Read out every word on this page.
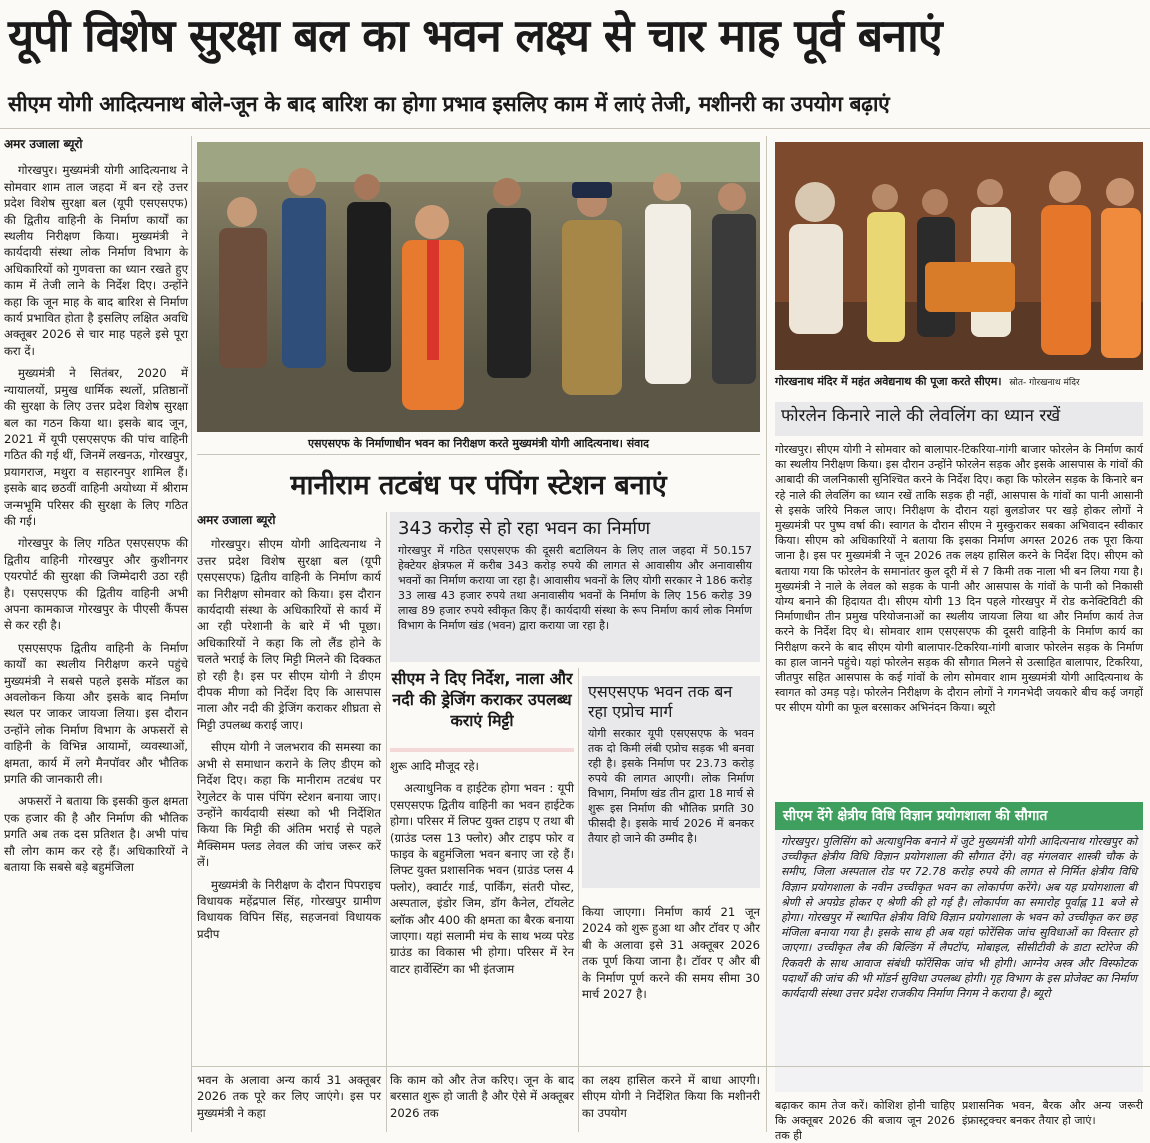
यूपी विशेष सुरक्षा बल का भवन लक्ष्य से चार माह पूर्व बनाएं
सीएम योगी आदित्यनाथ बोले-जून के बाद बारिश का होगा प्रभाव इसलिए काम में लाएं तेजी, मशीनरी का उपयोग बढ़ाएं
अमर उजाला ब्यूरो

गोरखपुर। मुख्यमंत्री योगी आदित्यनाथ ने सोमवार शाम ताल जहदा में बन रहे उत्तर प्रदेश विशेष सुरक्षा बल (यूपी एसएसएफ) की द्वितीय वाहिनी के निर्माण कार्यों का स्थलीय निरीक्षण किया। मुख्यमंत्री ने कार्यदायी संस्था लोक निर्माण विभाग के अधिकारियों को गुणवत्ता का ध्यान रखते हुए काम में तेजी लाने के निर्देश दिए। उन्होंने कहा कि जून माह के बाद बारिश से निर्माण कार्य प्रभावित होता है इसलिए लक्षित अवधि अक्तूबर 2026 से चार माह पहले इसे पूरा करा दें।

मुख्यमंत्री ने सितंबर, 2020 में न्यायालयों, प्रमुख धार्मिक स्थलों, प्रतिष्ठानों की सुरक्षा के लिए उत्तर प्रदेश विशेष सुरक्षा बल का गठन किया था। इसके बाद जून, 2021 में यूपी एसएसएफ की पांच वाहिनी गठित की गई थीं, जिनमें लखनऊ, गोरखपुर, प्रयागराज, मथुरा व सहारनपुर शामिल हैं। इसके बाद छठवीं वाहिनी अयोध्या में श्रीराम जन्मभूमि परिसर की सुरक्षा के लिए गठित की गई।

गोरखपुर के लिए गठित एसएसएफ की द्वितीय वाहिनी गोरखपुर और कुशीनगर एयरपोर्ट की सुरक्षा की जिम्मेदारी उठा रही है। एसएसएफ की द्वितीय वाहिनी अभी अपना कामकाज गोरखपुर के पीएसी कैंपस से कर रही है।

एसएसएफ द्वितीय वाहिनी के निर्माण कार्यों का स्थलीय निरीक्षण करने पहुंचे मुख्यमंत्री ने सबसे पहले इसके मॉडल का अवलोकन किया और इसके बाद निर्माण स्थल पर जाकर जायजा लिया। इस दौरान उन्होंने लोक निर्माण विभाग के अफसरों से वाहिनी के विभिन्न आयामों, व्यवस्थाओं, क्षमता, कार्य में लगे मैनपॉवर और भौतिक प्रगति की जानकारी ली।

अफसरों ने बताया कि इसकी कुल क्षमता एक हजार की है और निर्माण की भौतिक प्रगति अब तक दस प्रतिशत है। अभी पांच सौ लोग काम कर रहे हैं। अधिकारियों ने बताया कि सबसे बड़े बहुमंजिला

एसएसएफ के निर्माणाधीन भवन का निरीक्षण करते मुख्यमंत्री योगी आदित्यनाथ। संवाद
मानीराम तटबंध पर पंपिंग स्टेशन बनाएं
अमर उजाला ब्यूरो

गोरखपुर। सीएम योगी आदित्यनाथ ने उत्तर प्रदेश विशेष सुरक्षा बल (यूपी एसएसएफ) द्वितीय वाहिनी के निर्माण कार्य का निरीक्षण सोमवार को किया। इस दौरान कार्यदायी संस्था के अधिकारियों से कार्य में आ रही परेशानी के बारे में भी पूछा। अधिकारियों ने कहा कि लो लैंड होने के चलते भराई के लिए मिट्टी मिलने की दिक्कत हो रही है। इस पर सीएम योगी ने डीएम दीपक मीणा को निर्देश दिए कि आसपास नाला और नदी की ड्रेजिंग कराकर शीघ्रता से मिट्टी उपलब्ध कराई जाए।

सीएम योगी ने जलभराव की समस्या का अभी से समाधान कराने के लिए डीएम को निर्देश दिए। कहा कि मानीराम तटबंध पर रेगुलेटर के पास पंपिंग स्टेशन बनाया जाए। उन्होंने कार्यदायी संस्था को भी निर्देशित किया कि मिट्टी की अंतिम भराई से पहले मैक्सिमम फ्लड लेवल की जांच जरूर करें लें।

मुख्यमंत्री के निरीक्षण के दौरान पिपराइच विधायक महेंद्रपाल सिंह, गोरखपुर ग्रामीण विधायक विपिन सिंह, सहजनवां विधायक प्रदीप

343 करोड़ से हो रहा भवन का निर्माण
गोरखपुर में गठित एसएसएफ की दूसरी बटालियन के लिए ताल जहदा में 50.157 हेक्टेयर क्षेत्रफल में करीब 343 करोड़ रुपये की लागत से आवासीय और अनावासीय भवनों का निर्माण कराया जा रहा है। आवासीय भवनों के लिए योगी सरकार ने 186 करोड़ 33 लाख 43 हजार रुपये तथा अनावासीय भवनों के निर्माण के लिए 156 करोड़ 39 लाख 89 हजार रुपये स्वीकृत किए हैं। कार्यदायी संस्था के रूप निर्माण कार्य लोक निर्माण विभाग के निर्माण खंड (भवन) द्वारा कराया जा रहा है।
सीएम ने दिए निर्देश, नाला और नदी की ड्रेजिंग कराकर उपलब्ध कराएं मिट्टी

शुरू आदि मौजूद रहे।

अत्याधुनिक व हाईटेक होगा भवन : यूपी एसएसएफ द्वितीय वाहिनी का भवन हाईटेक होगा। परिसर में लिफ्ट युक्त टाइप ए तथा बी (ग्राउंड प्लस 13 फ्लोर) और टाइप फोर व फाइव के बहुमंजिला भवन बनाए जा रहे हैं। लिफ्ट युक्त प्रशासनिक भवन (ग्राउंड प्लस 4 फ्लोर), क्वार्टर गार्ड, पार्किंग, संतरी पोस्ट, अस्पताल, इंडोर जिम, डॉग कैनेल, टॉयलेट ब्लॉक और 400 की क्षमता का बैरक बनाया जाएगा। यहां सलामी मंच के साथ भव्य परेड ग्राउंड का विकास भी होगा। परिसर में रेन वाटर हार्वेस्टिंग का भी इंतजाम

एसएसएफ भवन तक बन रहा एप्रोच मार्ग
योगी सरकार यूपी एसएसएफ के भवन तक दो किमी लंबी एप्रोच सड़क भी बनवा रही है। इसके निर्माण पर 23.73 करोड़ रुपये की लागत आएगी। लोक निर्माण विभाग, निर्माण खंड तीन द्वारा 18 मार्च से शुरू इस निर्माण की भौतिक प्रगति 30 फीसदी है। इसके मार्च 2026 में बनकर तैयार हो जाने की उम्मीद है।
किया जाएगा। निर्माण कार्य 21 जून 2024 को शुरू हुआ था और टॉवर ए और बी के अलावा इसे 31 अक्तूबर 2026 तक पूर्ण किया जाना है। टॉवर ए और बी के निर्माण पूर्ण करने की समय सीमा 30 मार्च 2027 है।
गोरखनाथ मंदिर में महंत अवेद्यनाथ की पूजा करते सीएम। स्रोत- गोरखनाथ मंदिर
फोरलेन किनारे नाले की लेवलिंग का ध्यान रखें
गोरखपुर। सीएम योगी ने सोमवार को बालापार-टिकरिया-गांगी बाजार फोरलेन के निर्माण कार्य का स्थलीय निरीक्षण किया। इस दौरान उन्होंने फोरलेन सड़क और इसके आसपास के गांवों की आबादी की जलनिकासी सुनिश्चित करने के निर्देश दिए। कहा कि फोरलेन सड़क के किनारे बन रहे नाले की लेवलिंग का ध्यान रखें ताकि सड़क ही नहीं, आसपास के गांवों का पानी आसानी से इसके जरिये निकल जाए। निरीक्षण के दौरान यहां बुलडोजर पर खड़े होकर लोगों ने मुख्यमंत्री पर पुष्प वर्षा की। स्वागत के दौरान सीएम ने मुस्कुराकर सबका अभिवादन स्वीकार किया। सीएम को अधिकारियों ने बताया कि इसका निर्माण अगस्त 2026 तक पूरा किया जाना है। इस पर मुख्यमंत्री ने जून 2026 तक लक्ष्य हासिल करने के निर्देश दिए। सीएम को बताया गया कि फोरलेन के समानांतर कुल दूरी में से 7 किमी तक नाला भी बन लिया गया है। मुख्यमंत्री ने नाले के लेवल को सड़क के पानी और आसपास के गांवों के पानी को निकासी योग्य बनाने की हिदायत दी। सीएम योगी 13 दिन पहले गोरखपुर में रोड कनेक्टिविटी की निर्माणाधीन तीन प्रमुख परियोजनाओं का स्थलीय जायजा लिया था और निर्माण कार्य तेज करने के निर्देश दिए थे। सोमवार शाम एसएसएफ की दूसरी वाहिनी के निर्माण कार्य का निरीक्षण करने के बाद सीएम योगी बालापार-टिकरिया-गांगी बाजार फोरलेन सड़क के निर्माण का हाल जानने पहुंचे। यहां फोरलेन सड़क की सौगात मिलने से उत्साहित बालापार, टिकरिया, जीतपुर सहित आसपास के कई गांवों के लोग सोमवार शाम मुख्यमंत्री योगी आदित्यनाथ के स्वागत को उमड़ पड़े। फोरलेन निरीक्षण के दौरान लोगों ने गगनभेदी जयकारे बीच कई जगहों पर सीएम योगी का फूल बरसाकर अभिनंदन किया। ब्यूरो
सीएम देंगे क्षेत्रीय विधि विज्ञान प्रयोगशाला की सौगात
गोरखपुर। पुलिसिंग को अत्याधुनिक बनाने में जुटे मुख्यमंत्री योगी आदित्यनाथ गोरखपुर को उच्चीकृत क्षेत्रीय विधि विज्ञान प्रयोगशाला की सौगात देंगे। वह मंगलवार शास्त्री चौक के समीप, जिला अस्पताल रोड पर 72.78 करोड़ रुपये की लागत से निर्मित क्षेत्रीय विधि विज्ञान प्रयोगशाला के नवीन उच्चीकृत भवन का लोकार्पण करेंगे। अब यह प्रयोगशाला बी श्रेणी से अपग्रेड होकर ए श्रेणी की हो गई है। लोकार्पण का समारोह पूर्वाह्न 11 बजे से होगा। गोरखपुर में स्थापित क्षेत्रीय विधि विज्ञान प्रयोगशाला के भवन को उच्चीकृत कर छह मंजिला बनाया गया है। इसके साथ ही अब यहां फोरेंसिक जांच सुविधाओं का विस्तार हो जाएगा। उच्चीकृत लैब की बिल्डिंग में लैपटॉप, मोबाइल, सीसीटीवी के डाटा स्टोरेज की रिकवरी के साथ आवाज संबंधी फॉरेंसिक जांच भी होगी। आग्नेय अस्त्र और विस्फोटक पदार्थों की जांच की भी मॉडर्न सुविधा उपलब्ध होगी। गृह विभाग के इस प्रोजेक्ट का निर्माण कार्यदायी संस्था उत्तर प्रदेश राजकीय निर्माण निगम ने कराया है। ब्यूरो
भवन के अलावा अन्य कार्य 31 अक्तूबर 2026 तक पूरे कर लिए जाएंगे। इस पर मुख्यमंत्री ने कहा
कि काम को और तेज करिए। जून के बाद बरसात शुरू हो जाती है और ऐसे में अक्तूबर 2026 तक
का लक्ष्य हासिल करने में बाधा आएगी। सीएम योगी ने निर्देशित किया कि मशीनरी का उपयोग
बढ़ाकर काम तेज करें। कोशिश होनी चाहिए कि अक्तूबर 2026 की बजाय जून 2026 तक ही
प्रशासनिक भवन, बैरक और अन्य जरूरी इंफ्रास्ट्रक्चर बनकर तैयार हो जाएं।
